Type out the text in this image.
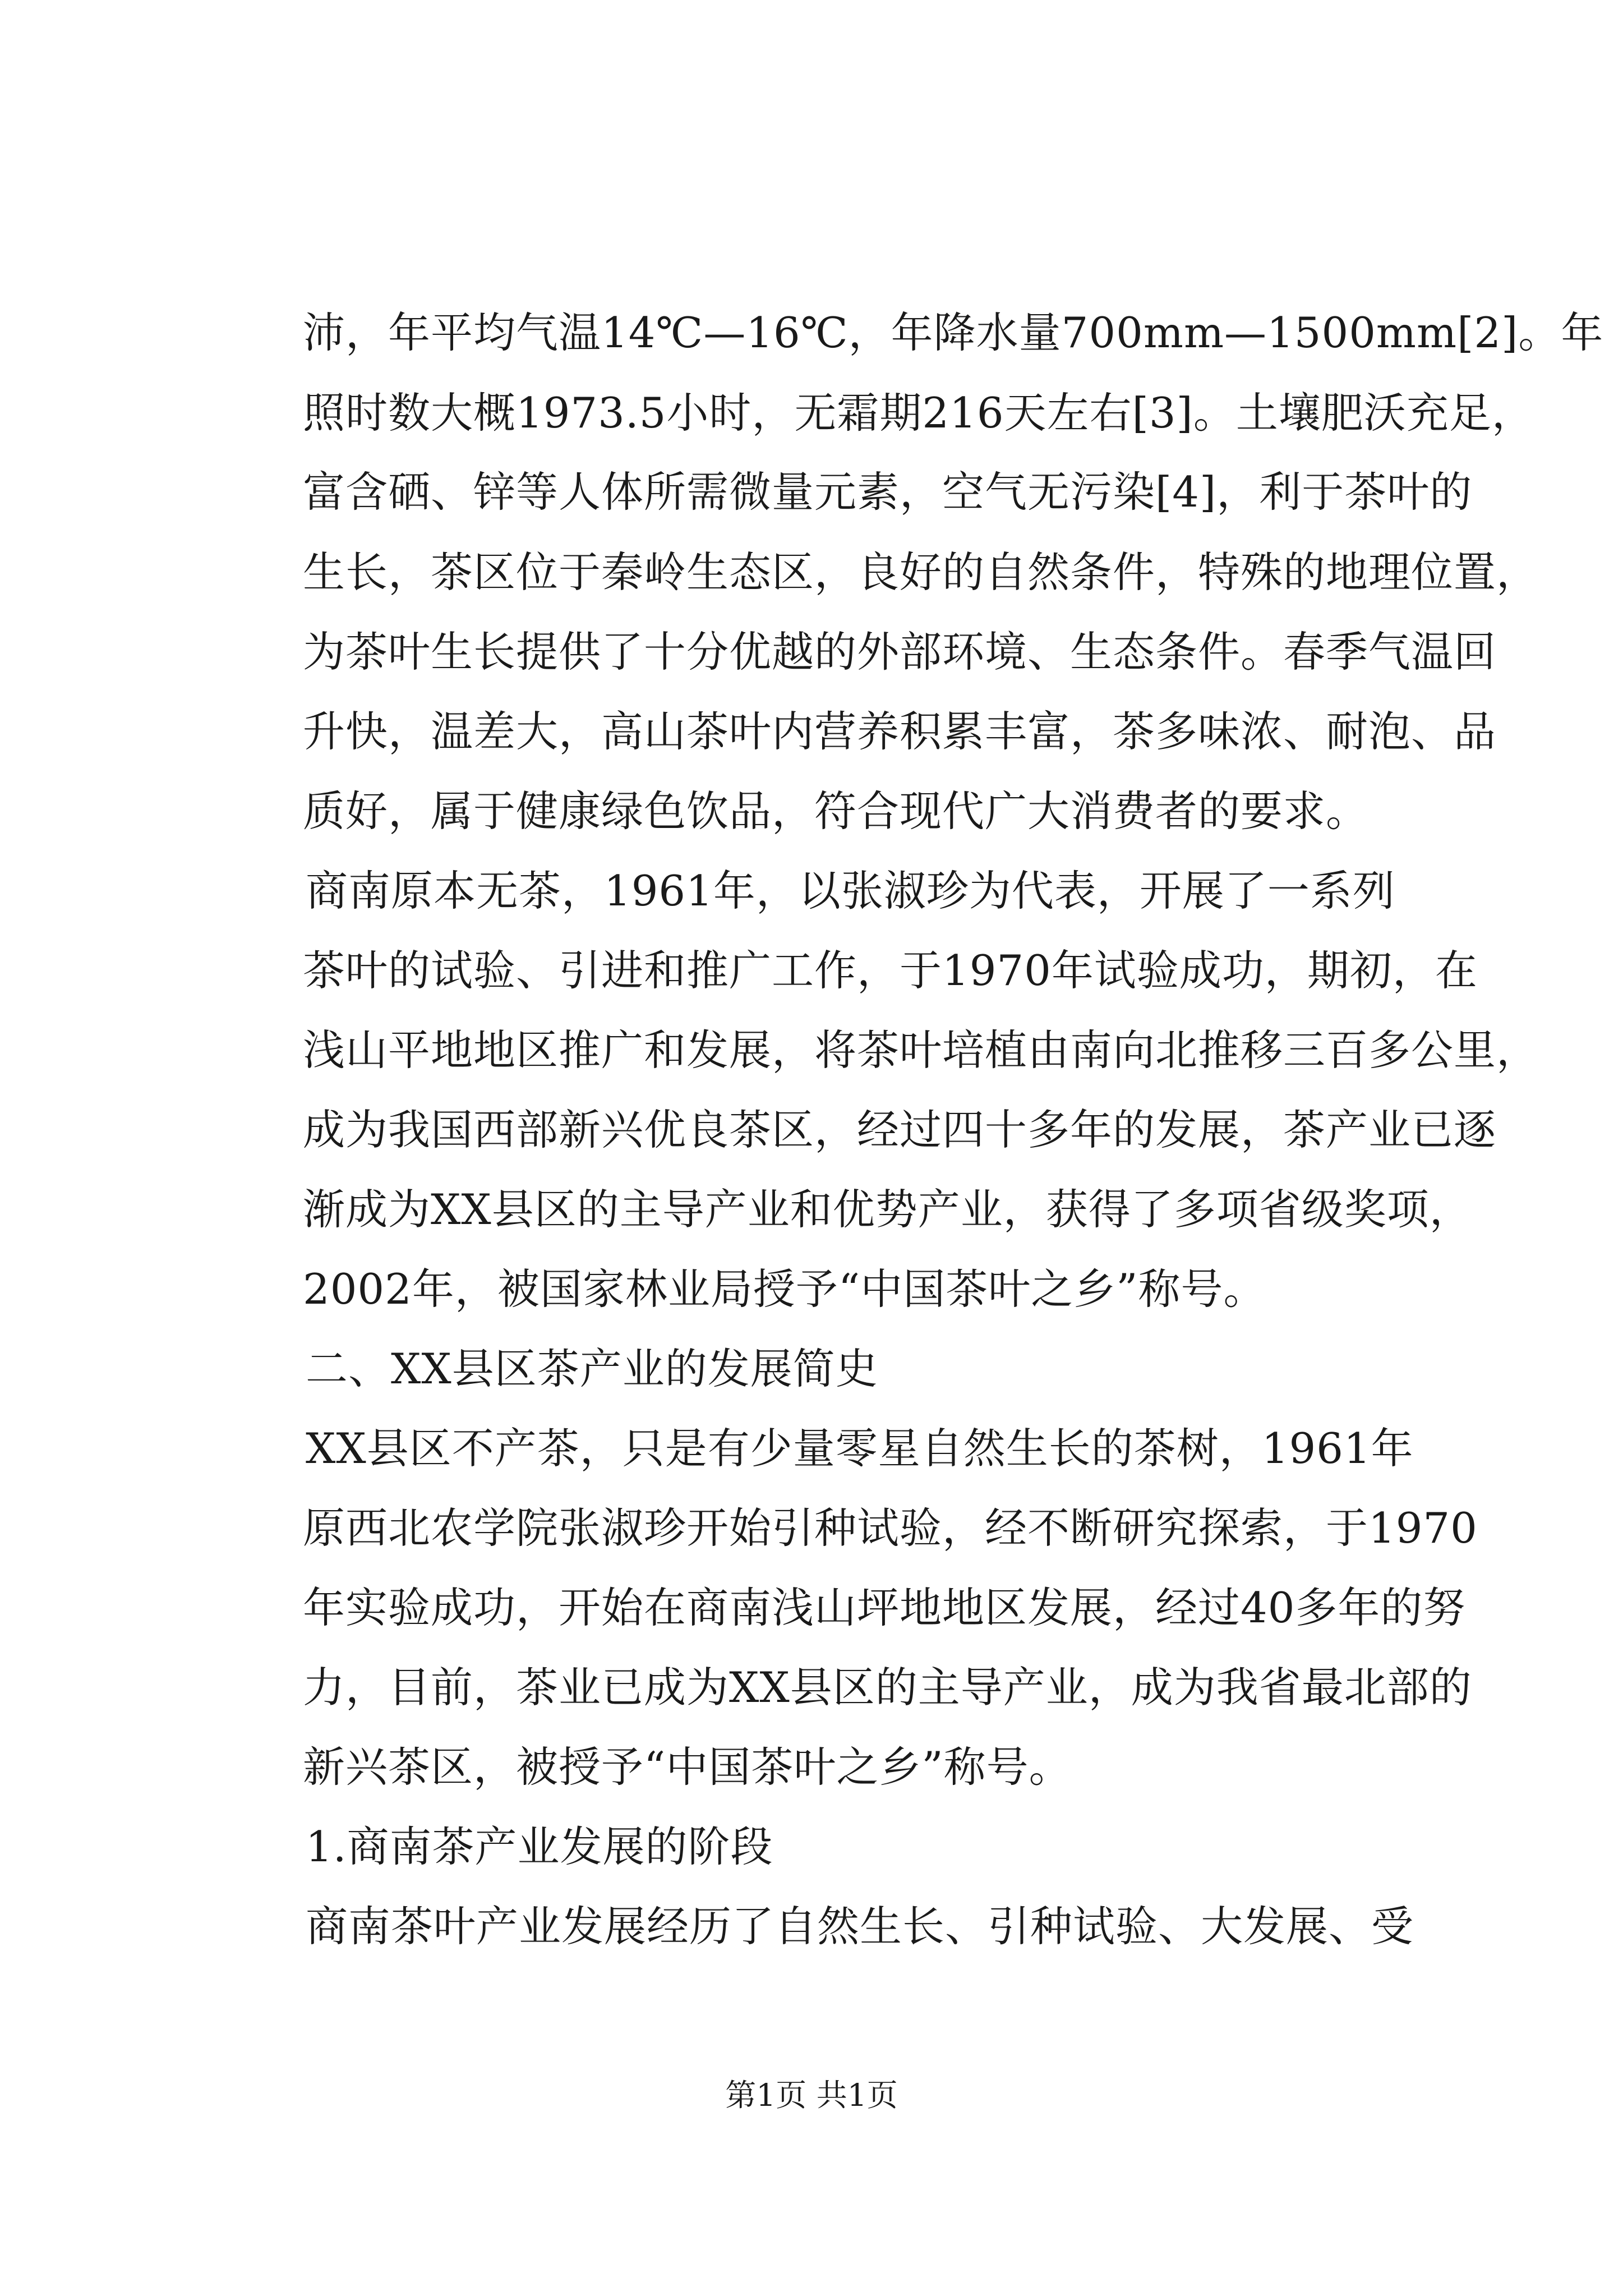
沛，年平均气温14℃—16℃，年降水量700mm—1500mm[2]。年
照时数大概1973.5小时，无霜期216天左右[3]。土壤肥沃充足，
富含硒、锌等人体所需微量元素，空气无污染[4]，利于茶叶的
生长，茶区位于秦岭生态区，良好的自然条件，特殊的地理位置，
为茶叶生长提供了十分优越的外部环境、生态条件。春季气温回
升快，温差大，高山茶叶内营养积累丰富，茶多味浓、耐泡、品
质好，属于健康绿色饮品，符合现代广大消费者的要求。
商南原本无茶，1961年，以张淑珍为代表，开展了一系列
茶叶的试验、引进和推广工作，于1970年试验成功，期初，在
浅山平地地区推广和发展，将茶叶培植由南向北推移三百多公里，
成为我国西部新兴优良茶区，经过四十多年的发展，茶产业已逐
渐成为XX县区的主导产业和优势产业，获得了多项省级奖项，
2002年，被国家林业局授予“中国茶叶之乡”称号。
二、XX县区茶产业的发展简史
XX县区不产茶，只是有少量零星自然生长的茶树，1961年
原西北农学院张淑珍开始引种试验，经不断研究探索，于1970
年实验成功，开始在商南浅山坪地地区发展，经过40多年的努
力，目前，茶业已成为XX县区的主导产业，成为我省最北部的
新兴茶区，被授予“中国茶叶之乡”称号。
1.商南茶产业发展的阶段
商南茶叶产业发展经历了自然生长、引种试验、大发展、受
第1页 共1页
